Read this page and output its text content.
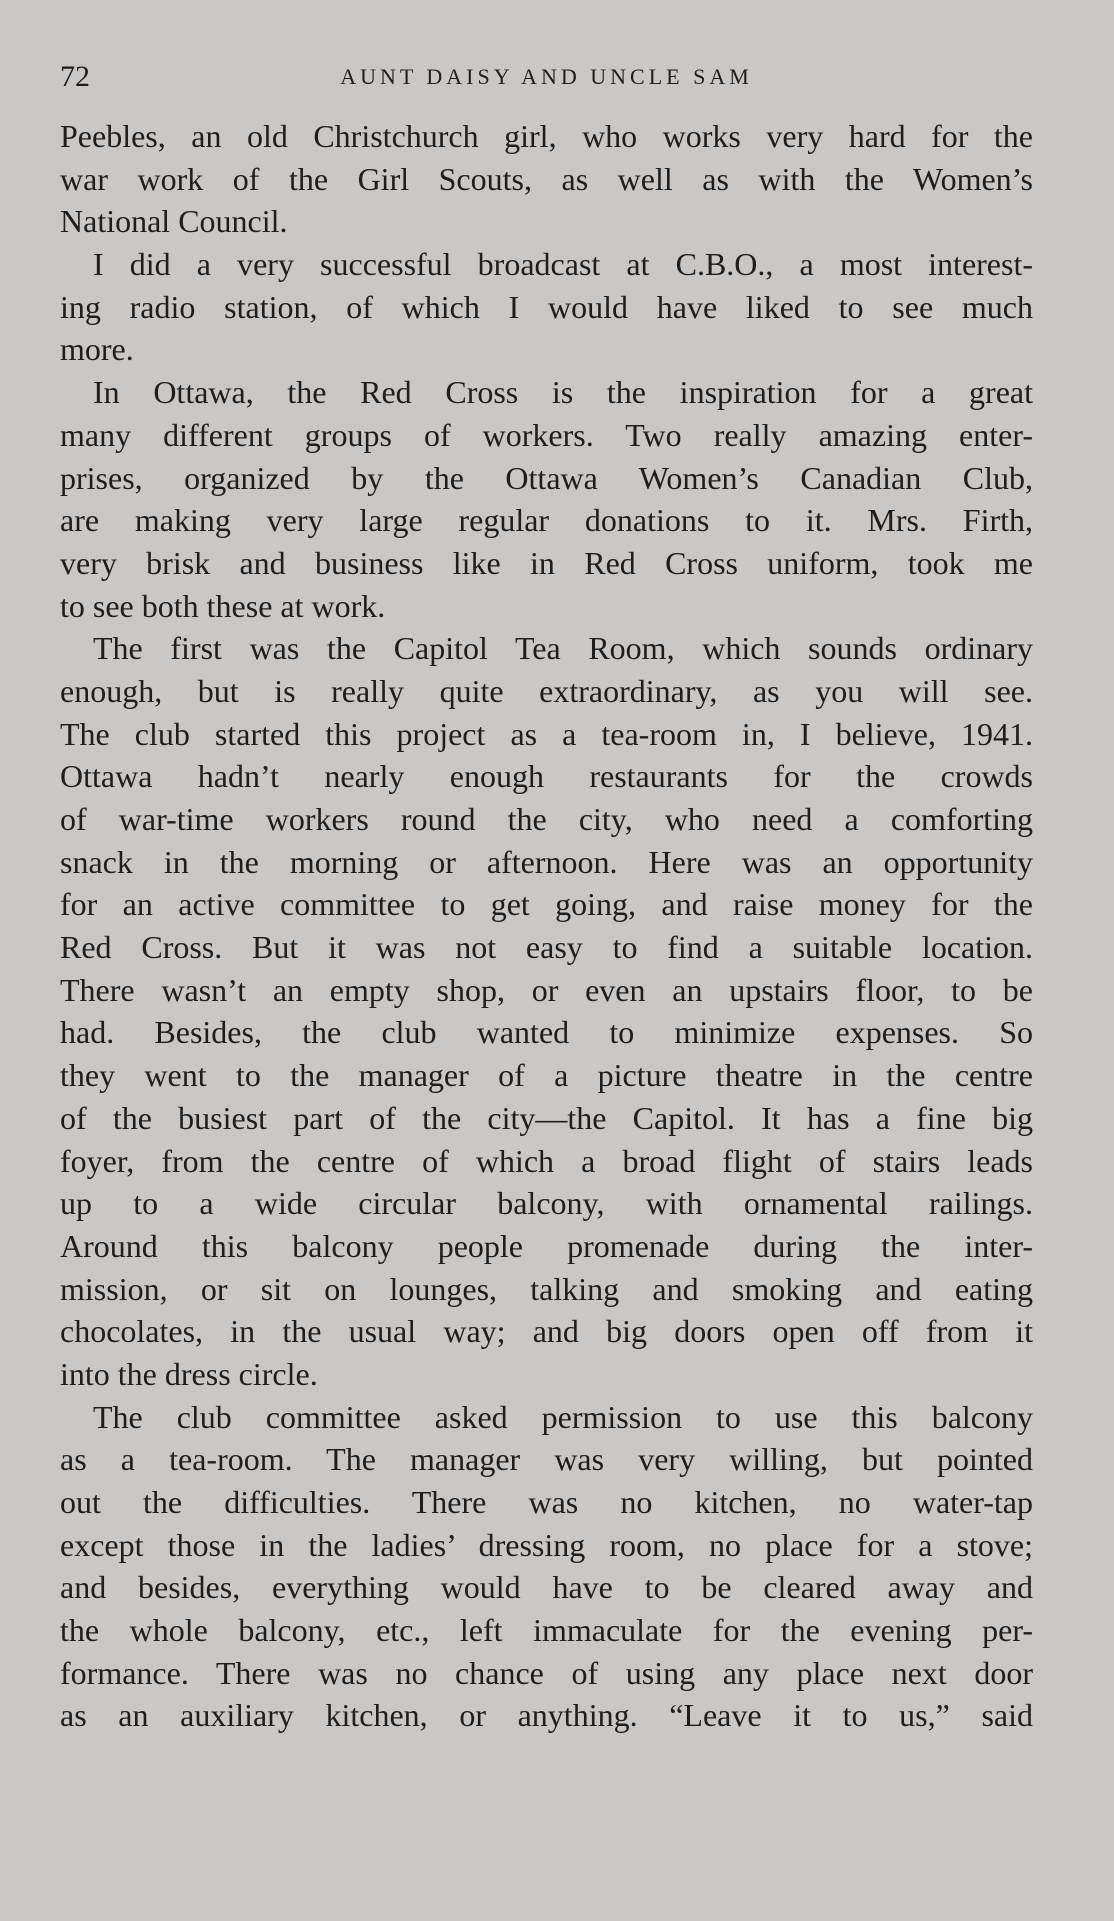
72	AUNT DAISY AND UNCLE SAM
Peebles, an old Christchurch girl, who works very hard for the
war work of the Girl Scouts, as well as with the Women’s
National Council.
I did a very successful broadcast at C.B.O., a most interest-
ing radio station, of which I would have liked to see much
more.
In Ottawa, the Red Cross is the inspiration for a great
many different groups of workers. Two really amazing enter-
prises, organized by the Ottawa Women’s Canadian Club,
are making very large regular donations to it. Mrs. Firth,
very brisk and business like in Red Cross uniform, took me
to see both these at work.
The first was the Capitol Tea Room, which sounds ordinary
enough, but is really quite extraordinary, as you will see.
The club started this project as a tea-room in, I believe, 1941.
Ottawa hadn’t nearly enough restaurants for the crowds
of war-time workers round the city, who need a comforting
snack in the morning or afternoon. Here was an opportunity
for an active committee to get going, and raise money for the
Red Cross. But it was not easy to find a suitable location.
There wasn’t an empty shop, or even an upstairs floor, to be
had. Besides, the club wanted to minimize expenses. So
they went to the manager of a picture theatre in the centre
of the busiest part of the city—the Capitol. It has a fine big
foyer, from the centre of which a broad flight of stairs leads
up to a wide circular balcony, with ornamental railings.
Around this balcony people promenade during the inter-
mission, or sit on lounges, talking and smoking and eating
chocolates, in the usual way; and big doors open off from it
into the dress circle.
The club committee asked permission to use this balcony
as a tea-room. The manager was very willing, but pointed
out the difficulties. There was no kitchen, no water-tap
except those in the ladies’ dressing room, no place for a stove;
and besides, everything would have to be cleared away and
the whole balcony, etc., left immaculate for the evening per-
formance. There was no chance of using any place next door
as an auxiliary kitchen, or anything. “Leave it to us,” said
